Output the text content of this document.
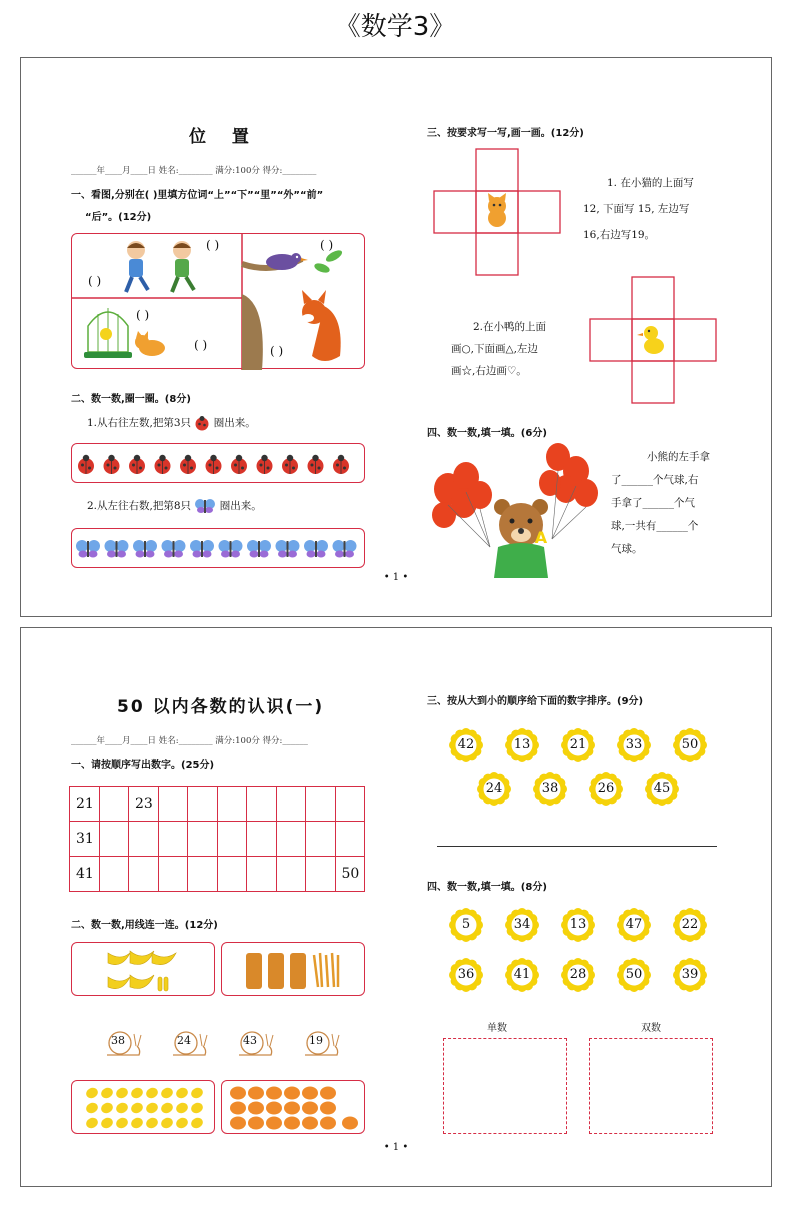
《数学3》
位 置
______年____月____日 姓名:________ 满分:100分 得分:________
一、看图,分别在( )里填方位词“上”“下”“里”“外”“前”
“后”。(12分)
( )
( )
( )
( )
( )	( )
二、数一数,圈一圈。(8分)
1.从右往左数,把第3只 圈出来。
2.从左往右数,把第8只	圈出来。
三、按要求写一写,画一画。(12分)
1. 在小猫的上面写
12, 下面写 15, 左边写
16,右边写19。
2.在小鸭的上面
画○,下面画△,左边
画☆,右边画♡。
四、数一数,填一填。(6分)
A
小熊的左手拿
了______个气球,右
手拿了______个气
球,一共有______个
气球。
• 1 •
50 以内各数的认识(一)
______年____月____日 姓名:________ 满分:100分 得分:______
一、请按顺序写出数字。(25分)
21		23							
31									
41									50
二、数一数,用线连一连。(12分)
38	24	43	19
三、按从大到小的顺序给下面的数字排序。(9分)
四、数一数,填一填。(8分)
5	34	13	47	22
36	41	28	50	39
单数	双数
• 1 •
42	13	21	33	50
24	38	26	45
